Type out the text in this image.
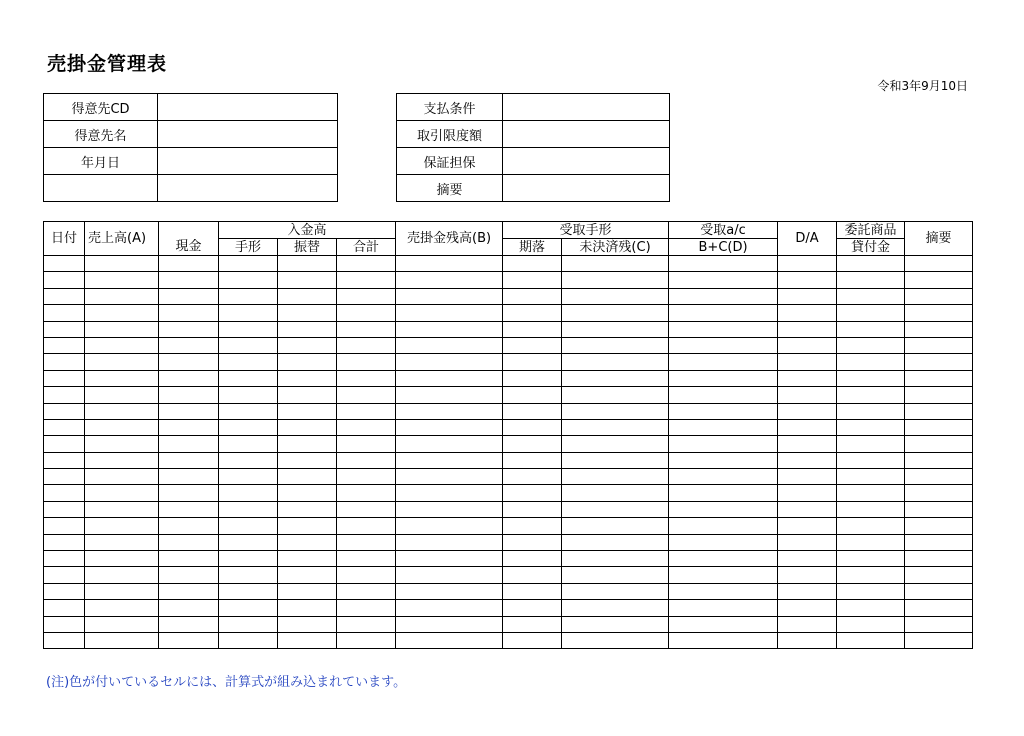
売掛金管理表
令和3年9月10日
得意先CD	
得意先名	
年月日	

支払条件	
取引限度額	
保証担保	
摘要	
日付	売上高(A)		入金高			売掛金残高(B)	受取手形		受取a/c	D/A	委託商品	摘要
		現金	手形	振替	合計		期落	未決済残(C)	B+C(D)		貸付金	

(注)色が付いているセルには、計算式が組み込まれています。
